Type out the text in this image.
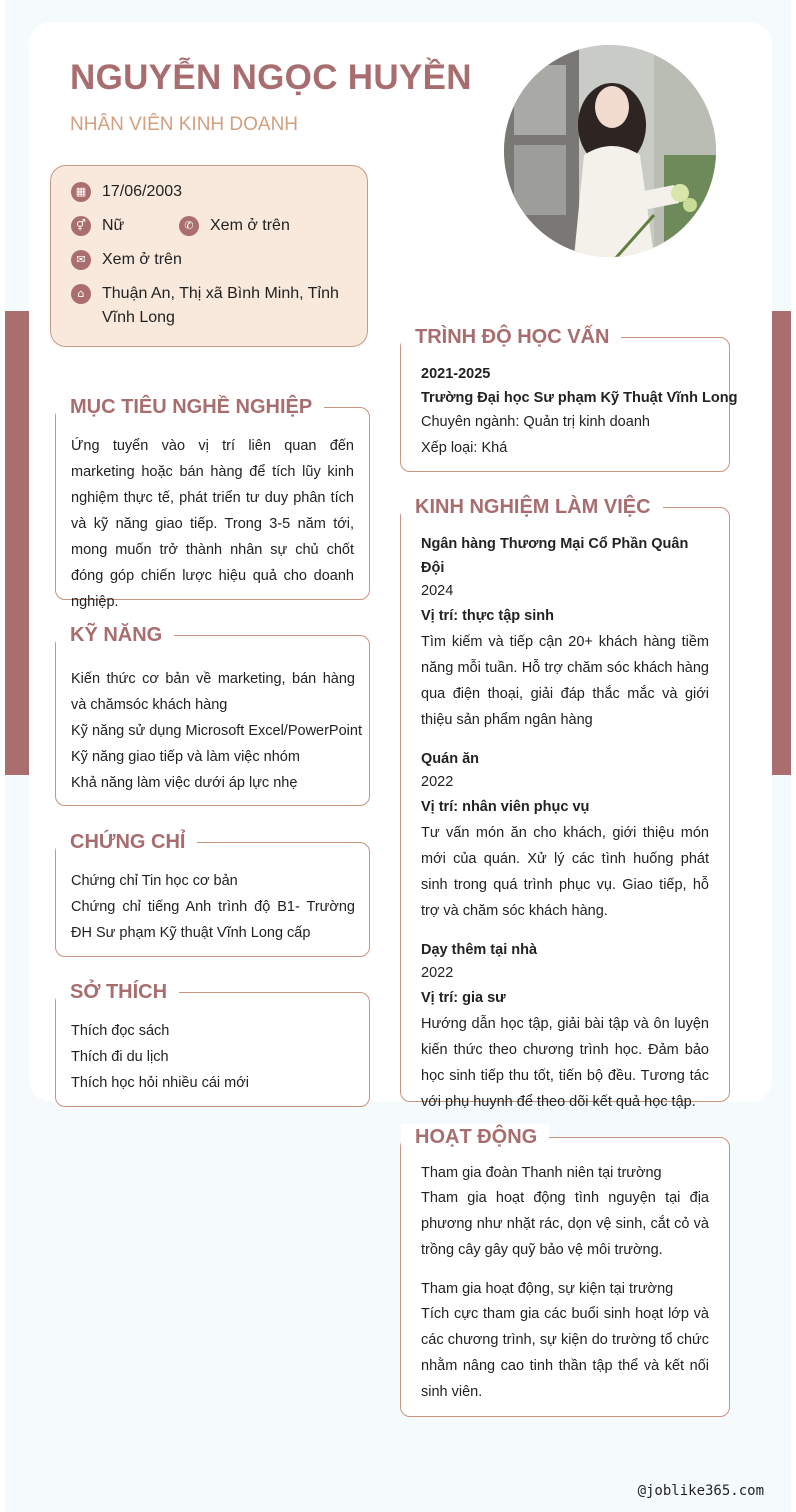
NGUYỄN NGỌC HUYỀN
NHÂN VIÊN KINH DOANH
▦ 17/06/2003
⚥	Nữ	✆	Xem ở trên
✉	Xem ở trên
⌂	Thuận An, Thị xã Bình Minh, Tỉnh Vĩnh Long
MỤC TIÊU NGHỀ NGHIỆP
Ứng tuyển vào vị trí liên quan đến marketing hoặc bán hàng để tích lũy kinh nghiệm thực tế, phát triển tư duy phân tích và kỹ năng giao tiếp. Trong 3-5 năm tới, mong muốn trở thành nhân sự chủ chốt đóng góp chiến lược hiệu quả cho doanh nghiệp.
KỸ NĂNG
Kiến thức cơ bản về marketing, bán hàng và chămsóc khách hàng
Kỹ năng sử dụng Microsoft Excel/PowerPoint
Kỹ năng giao tiếp và làm việc nhóm
Khả năng làm việc dưới áp lực nhẹ
CHỨNG CHỈ
Chứng chỉ Tin học cơ bản
Chứng chỉ tiếng Anh trình độ B1- Trường ĐH Sư phạm Kỹ thuật Vĩnh Long cấp
SỞ THÍCH
Thích đọc sách
Thích đi du lịch
Thích học hỏi nhiều cái mới
TRÌNH ĐỘ HỌC VẤN
2021-2025
Trường Đại học Sư phạm Kỹ Thuật Vĩnh Long
Chuyên ngành: Quản trị kinh doanh
Xếp loại: Khá
KINH NGHIỆM LÀM VIỆC
Ngân hàng Thương Mại Cổ Phần Quân Đội
2024
Vị trí: thực tập sinh
Tìm kiếm và tiếp cận 20+ khách hàng tiềm năng mỗi tuần. Hỗ trợ chăm sóc khách hàng qua điện thoại, giải đáp thắc mắc và giới thiệu sản phẩm ngân hàng
Quán ăn
2022
Vị trí: nhân viên phục vụ
Tư vấn món ăn cho khách, giới thiệu món mới của quán. Xử lý các tình huống phát sinh trong quá trình phục vụ. Giao tiếp, hỗ trợ và chăm sóc khách hàng.
Dạy thêm tại nhà
2022
Vị trí: gia sư
Hướng dẫn học tập, giải bài tập và ôn luyện kiến thức theo chương trình học. Đảm bảo học sinh tiếp thu tốt, tiến bộ đều. Tương tác với phụ huynh để theo dõi kết quả học tập.
HOẠT ĐỘNG
Tham gia đoàn Thanh niên tại trường
Tham gia hoạt động tình nguyện tại địa phương như nhặt rác, dọn vệ sinh, cắt cỏ và trồng cây gây quỹ bảo vệ môi trường.
Tham gia hoạt động, sự kiện tại trường
Tích cực tham gia các buổi sinh hoạt lớp và các chương trình, sự kiện do trường tổ chức nhằm nâng cao tinh thần tập thể và kết nối sinh viên.
@joblike365.com
